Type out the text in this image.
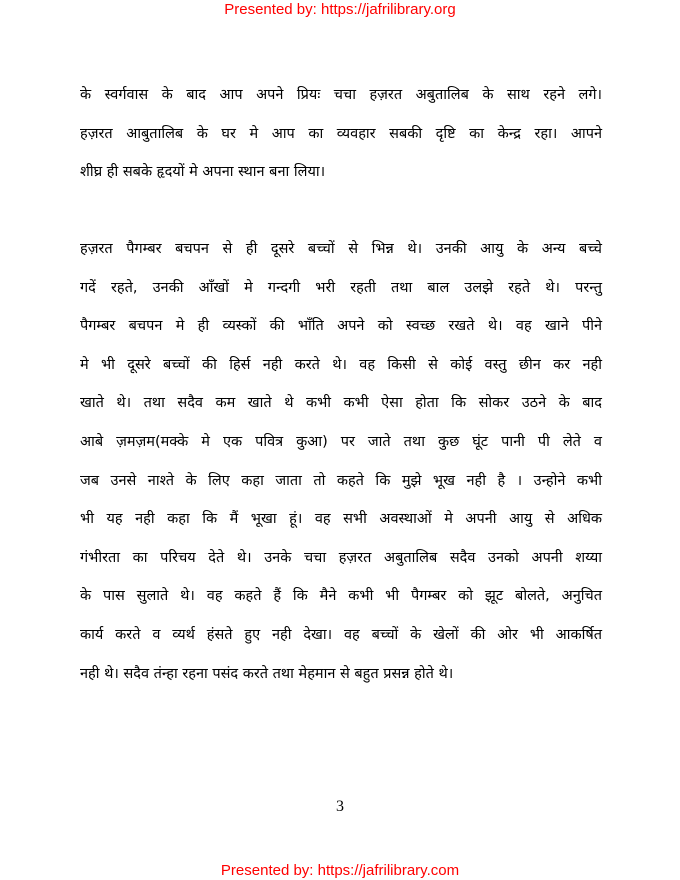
Presented by: https://jafrilibrary.org
के स्वर्गवास के बाद आप अपने प्रियः चचा हज़रत अबुतालिब के साथ रहने लगे।
हज़रत आबुतालिब के घर मे आप का व्यवहार सबकी दृष्टि का केन्द्र रहा। आपने
शीघ्र ही सबके हृदयों मे अपना स्थान बना लिया।
हज़रत पैगम्बर बचपन से ही दूसरे बच्चों से भिन्न थे। उनकी आयु के अन्य बच्चे
गदें रहते, उनकी आँखों मे गन्दगी भरी रहती तथा बाल उलझे रहते थे। परन्तु
पैगम्बर बचपन मे ही व्यस्कों की भाँति अपने को स्वच्छ रखते थे। वह खाने पीने
मे भी दूसरे बच्चों की हिर्स नही करते थे। वह किसी से कोई वस्तु छीन कर नही
खाते थे। तथा सदैव कम खाते थे कभी कभी ऐसा होता कि सोकर उठने के बाद
आबे ज़मज़म(मक्के मे एक पवित्र कुआ) पर जाते तथा कुछ घूंट पानी पी लेते व
जब उनसे नाश्ते के लिए कहा जाता तो कहते कि मुझे भूख नही है । उन्होने कभी
भी यह नही कहा कि मैं भूखा हूं। वह सभी अवस्थाओं मे अपनी आयु से अधिक
गंभीरता का परिचय देते थे। उनके चचा हज़रत अबुतालिब सदैव उनको अपनी शय्या
के पास सुलाते थे। वह कहते हैं कि मैने कभी भी पैगम्बर को झूट बोलते, अनुचित
कार्य करते व व्यर्थ हंसते हुए नही देखा। वह बच्चों के खेलों की ओर भी आकर्षित
नही थे। सदैव तंन्हा रहना पसंद करते तथा मेहमान से बहुत प्रसन्न होते थे।
3
Presented by: https://jafrilibrary.com
